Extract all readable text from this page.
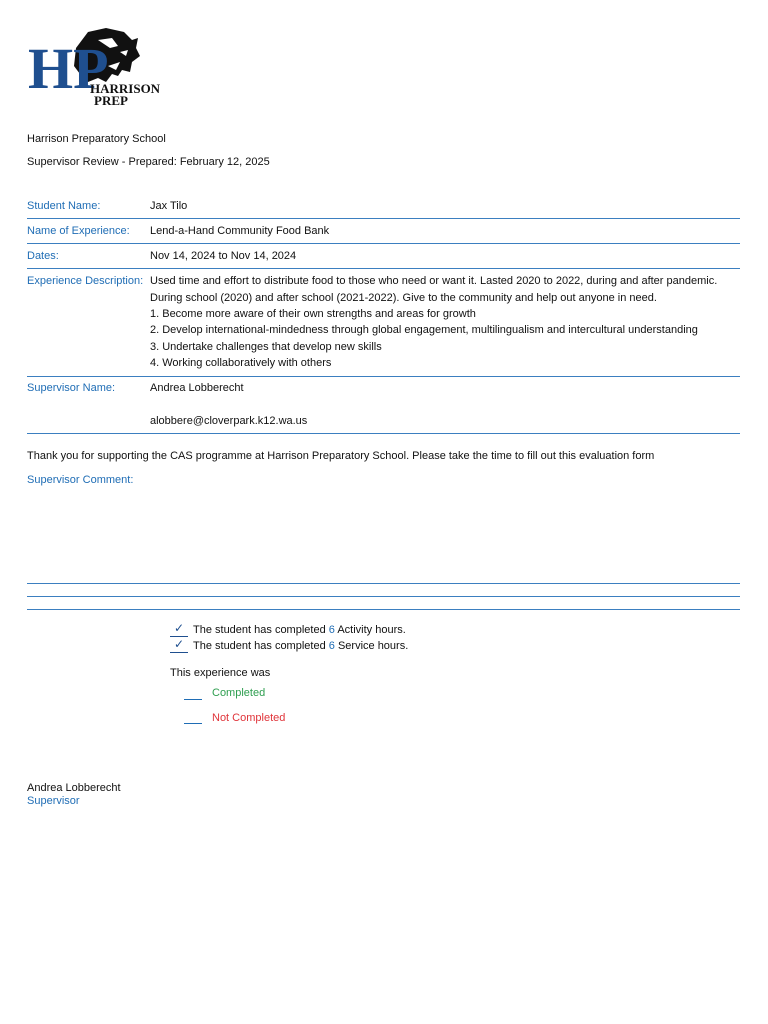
HP
HARRISON
PREP
Harrison Preparatory School
Supervisor Review - Prepared: February 12, 2025
Student Name:	Jax Tilo
Name of Experience: Lend-a-Hand Community Food Bank
Dates:	Nov 14, 2024 to Nov 14, 2024
Experience Description: Used time and effort to distribute food to those who need or want it. Lasted 2020 to 2022, during and after pandemic.
During school (2020) and after school (2021-2022). Give to the community and help out anyone in need.
1. Become more aware of their own strengths and areas for growth
2. Develop international-mindedness through global engagement, multilingualism and intercultural understanding
3. Undertake challenges that develop new skills
4. Working collaboratively with others
Supervisor Name:	Andrea Lobberecht
alobbere@cloverpark.k12.wa.us
Thank you for supporting the CAS programme at Harrison Preparatory School. Please take the time to fill out this evaluation form
Supervisor Comment:
✓ The student has completed 6 Activity hours.
✓ The student has completed 6 Service hours.
This experience was
Completed
Not Completed
Andrea Lobberecht
Supervisor
